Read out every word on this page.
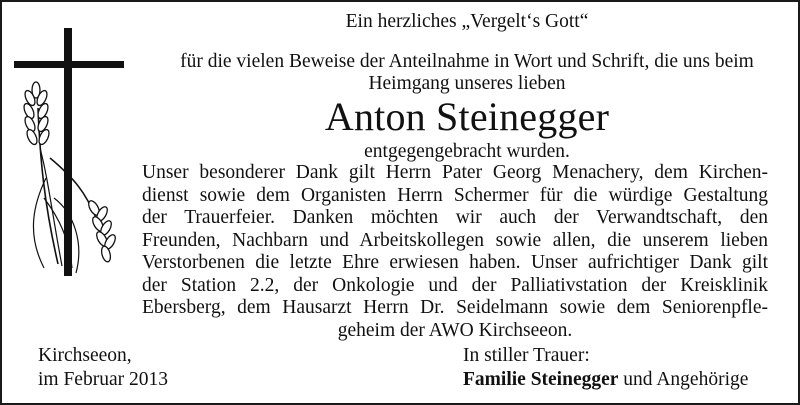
Ein herzliches „Vergelt‘s Gott“
für die vielen Beweise der Anteilnahme in Wort und Schrift, die uns beim
Heimgang unseres lieben
Anton Steinegger
entgegengebracht wurden.
Unser besonderer Dank gilt Herrn Pater Georg Menachery, dem Kirchen-
dienst sowie dem Organisten Herrn Schermer für die würdige Gestaltung
der Trauerfeier. Danken möchten wir auch der Verwandtschaft, den
Freunden, Nachbarn und Arbeitskollegen sowie allen, die unserem lieben
Verstorbenen die letzte Ehre erwiesen haben. Unser aufrichtiger Dank gilt
der Station 2.2, der Onkologie und der Palliativstation der Kreisklinik
Ebersberg, dem Hausarzt Herrn Dr. Seidelmann sowie dem Seniorenpfle-
geheim der AWO Kirchseeon.
Kirchseeon,
im Februar 2013
In stiller Trauer:
Familie Steinegger und Angehörige
